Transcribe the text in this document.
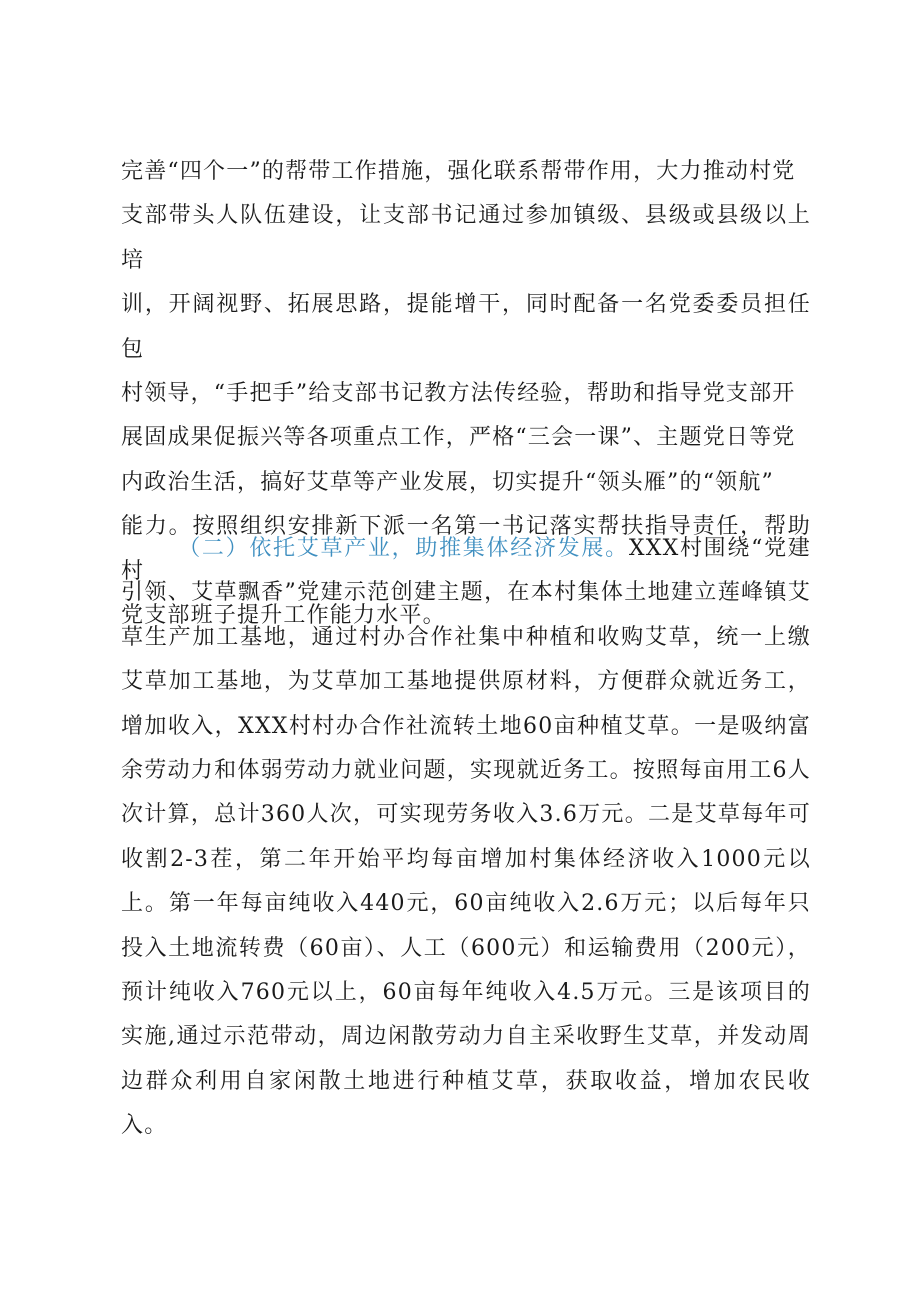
完善“四个一”的帮带工作措施，强化联系帮带作用，大力推动村党
支部带头人队伍建设，让支部书记通过参加镇级、县级或县级以上培
训，开阔视野、拓展思路，提能增干，同时配备一名党委委员担任包
村领导，“手把手”给支部书记教方法传经验，帮助和指导党支部开
展固成果促振兴等各项重点工作，严格“三会一课”、主题党日等党
内政治生活，搞好艾草等产业发展，切实提升“领头雁”的“领航”
能力。按照组织安排新下派一名第一书记落实帮扶指导责任，帮助村
党支部班子提升工作能力水平。

（二）依托艾草产业，助推集体经济发展。XXX村围绕“党建引领、艾草飘香”党建示范创建主题，在本村集体土地建立莲峰镇艾草生产加工基地，通过村办合作社集中种植和收购艾草，统一上缴艾草加工基地，为艾草加工基地提供原材料，方便群众就近务工，增加收入，XXX村村办合作社流转土地60亩种植艾草。一是吸纳富余劳动力和体弱劳动力就业问题，实现就近务工。按照每亩用工6人次计算，总计360人次，可实现劳务收入3.6万元。二是艾草每年可收割2-3茬，第二年开始平均每亩增加村集体经济收入1000元以上。第一年每亩纯收入440元，60亩纯收入2.6万元；以后每年只投入土地流转费（60亩）、人工（600元）和运输费用（200元），预计纯收入760元以上，60亩每年纯收入4.5万元。三是该项目的实施,通过示范带动，周边闲散劳动力自主采收野生艾草，并发动周边群众利用自家闲散土地进行种植艾草，获取收益，增加农民收入。
